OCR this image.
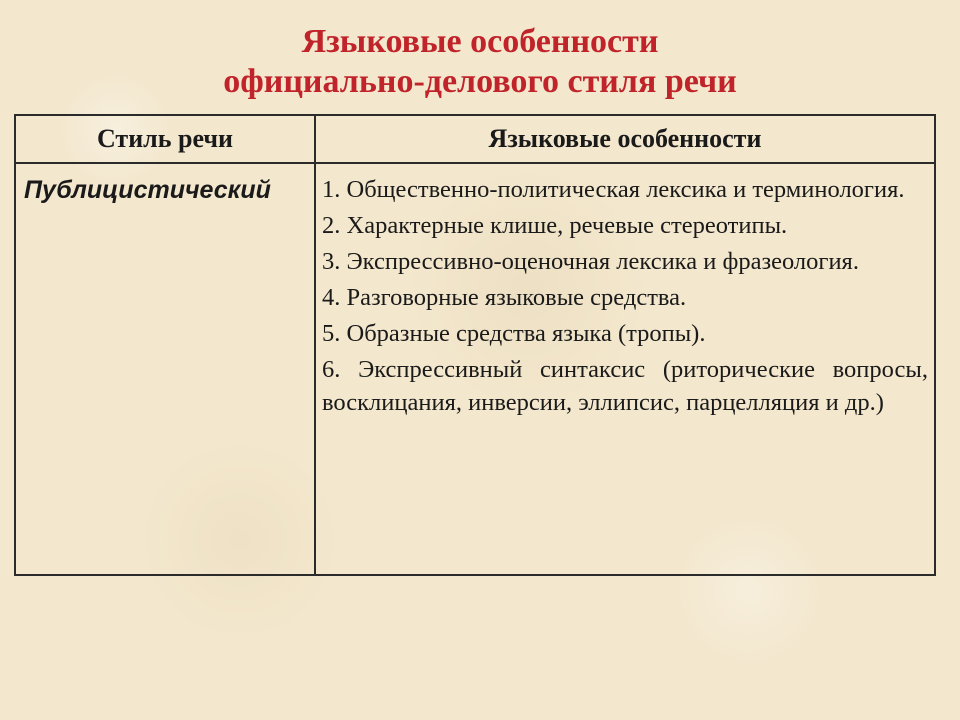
Языковые особенности
официально-делового стиля речи
Стиль речи	Языковые особенности
Публицистический	1. Общественно-политическая лексика и терминология.

2. Характерные клише, речевые стереотипы.

3. Экспрессивно-оценочная лексика и фразеология.

4. Разговорные языковые средства.

5. Образные средства языка (тропы).

6. Экспрессивный синтаксис (риторические вопросы, восклицания, инверсии, эллипсис, парцелляция и др.)
